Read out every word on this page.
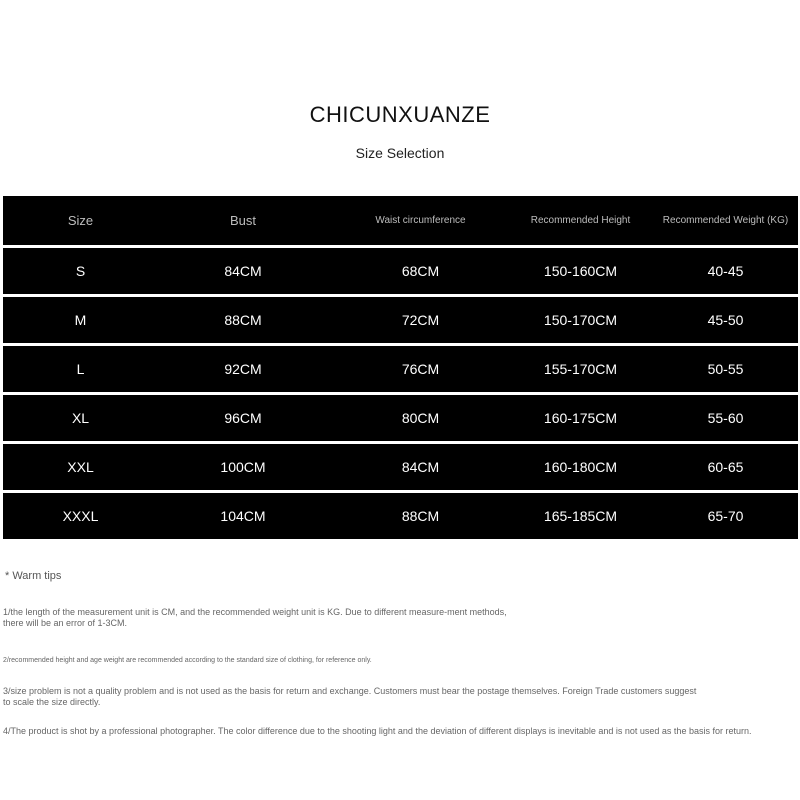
CHICUNXUANZE
Size Selection
Size	Bust	Waist circumference	Recommended Height	Recommended Weight (KG)
S	84CM	68CM	150-160CM	40-45
M	88CM	72CM	150-170CM	45-50
L	92CM	76CM	155-170CM	50-55
XL	96CM	80CM	160-175CM	55-60
XXL	100CM	84CM	160-180CM	60-65
XXXL	104CM	88CM	165-185CM	65-70
* Warm tips
1/the length of the measurement unit is CM, and the recommended weight unit is KG. Due to different measure-ment methods, there will be an error of 1-3CM.
2/recommended height and age weight are recommended according to the standard size of clothing, for reference only.
3/size problem is not a quality problem and is not used as the basis for return and exchange. Customers must bear the postage themselves. Foreign Trade customers suggest to scale the size directly.
4/The product is shot by a professional photographer. The color difference due to the shooting light and the deviation of different displays is inevitable and is not used as the basis for return.
